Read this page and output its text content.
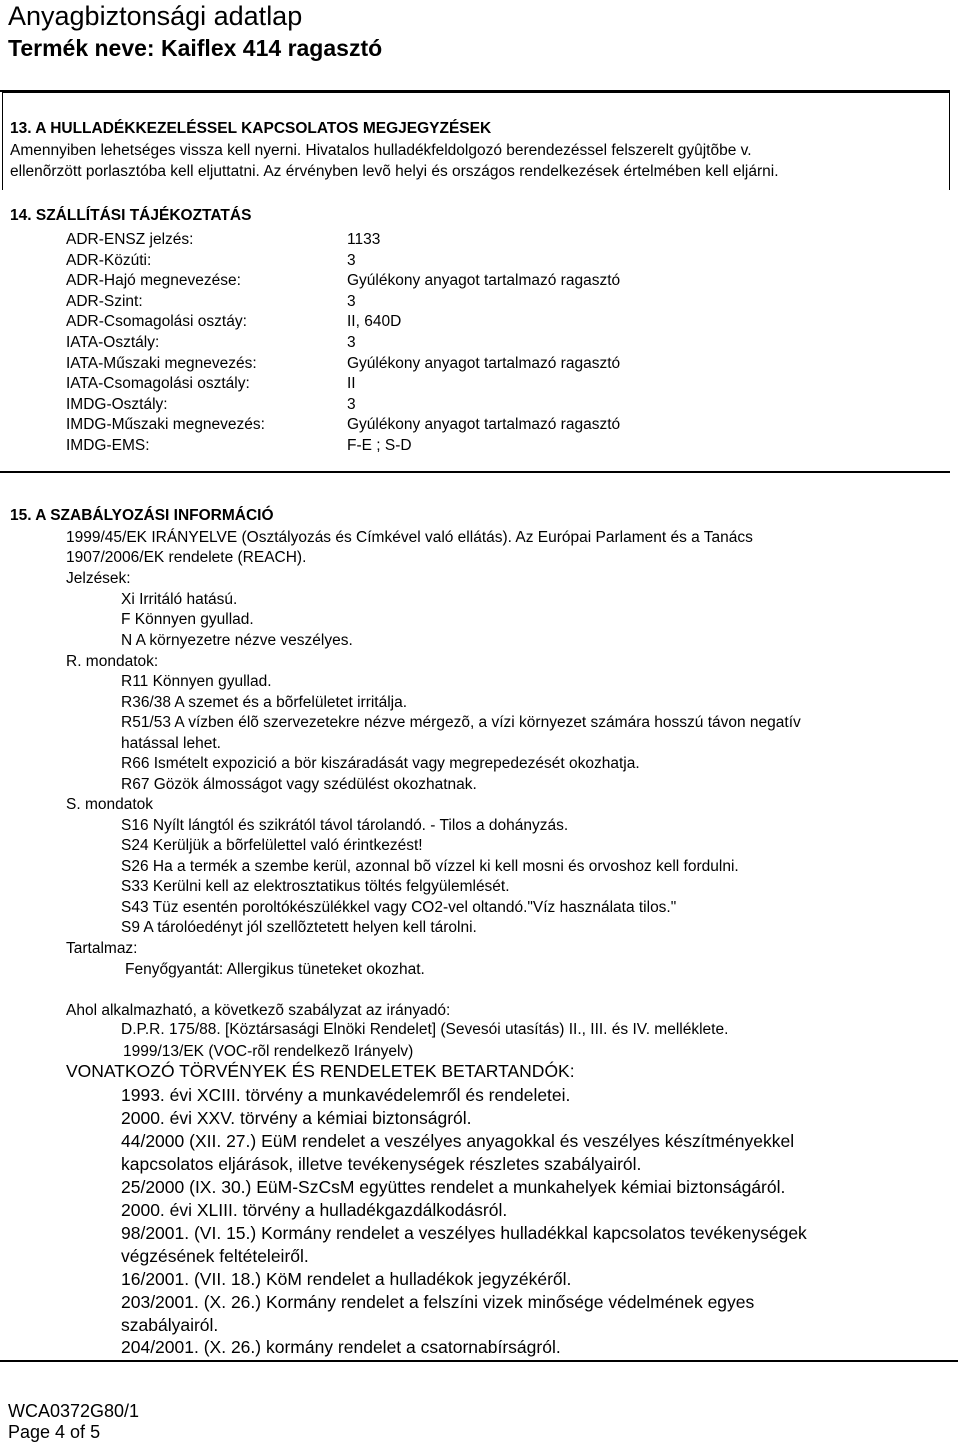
Anyagbiztonsági adatlap
Termék neve: Kaiflex 414 ragasztó
13. A HULLADÉKKEZELÉSSEL KAPCSOLATOS MEGJEGYZÉSEK
Amennyiben lehetséges vissza kell nyerni. Hivatalos hulladékfeldolgozó berendezéssel felszerelt gyûjtõbe v.
ellenõrzött porlasztóba kell eljuttatni. Az érvényben levõ helyi és országos rendelkezések értelmében kell eljárni.
14. SZÁLLÍTÁSI TÁJÉKOZTATÁS
ADR-ENSZ jelzés:	1133
ADR-Közúti:	3
ADR-Hajó megnevezése:	Gyúlékony anyagot tartalmazó ragasztó
ADR-Szint:	3
ADR-Csomagolási osztáy:	II, 640D
IATA-Osztály:	3
IATA-Műszaki megnevezés:	Gyúlékony anyagot tartalmazó ragasztó
IATA-Csomagolási osztály:	II
IMDG-Osztály:	3
IMDG-Műszaki megnevezés:	Gyúlékony anyagot tartalmazó ragasztó
IMDG-EMS:	F-E ; S-D
15. A SZABÁLYOZÁSI INFORMÁCIÓ
1999/45/EK IRÁNYELVE (Osztályozás és Címkével való ellátás). Az Európai Parlament és a Tanács
1907/2006/EK rendelete (REACH).
Jelzések:
Xi Irritáló hatású.
F Könnyen gyullad.
N A környezetre nézve veszélyes.
R. mondatok:
R11 Könnyen gyullad.
R36/38 A szemet és a bõrfelületet irritálja.
R51/53 A vízben élõ szervezetekre nézve mérgezõ, a vízi környezet számára hosszú távon negatív
hatással lehet.
R66 Ismételt expozició a bör kiszáradását vagy megrepedezését okozhatja.
R67 Gözök álmosságot vagy szédülést okozhatnak.
S. mondatok
S16 Nyílt lángtól és szikrától távol tárolandó. - Tilos a dohányzás.
S24 Kerüljük a bõrfelülettel való érintkezést!
S26 Ha a termék a szembe kerül, azonnal bõ vízzel ki kell mosni és orvoshoz kell fordulni.
S33 Kerülni kell az elektrosztatikus töltés felgyülemlését.
S43 Tüz esentén poroltókészülékkel vagy CO2-vel oltandó."Víz használata tilos."
S9 A tárolóedényt jól szellõztetett helyen kell tárolni.
Tartalmaz:
Fenyőgyantát: Allergikus tüneteket okozhat.
Ahol alkalmazható, a következõ szabályzat az irányadó:
D.P.R. 175/88. [Köztársasági Elnöki Rendelet] (Sevesói utasítás) II., III. és IV. melléklete.
1999/13/EK (VOC-rõl rendelkezõ Irányelv)
VONATKOZÓ TÖRVÉNYEK ÉS RENDELETEK BETARTANDÓK:
1993. évi XCIII. törvény a munkavédelemről és rendeletei.
2000. évi XXV. törvény a kémiai biztonságról.
44/2000 (XII. 27.) EüM rendelet a veszélyes anyagokkal és veszélyes készítményekkel
kapcsolatos eljárások, illetve tevékenységek részletes szabályairól.
25/2000 (IX. 30.) EüM-SzCsM együttes rendelet a munkahelyek kémiai biztonságáról.
2000. évi XLIII. törvény a hulladékgazdálkodásról.
98/2001. (VI. 15.) Kormány rendelet a veszélyes hulladékkal kapcsolatos tevékenységek
végzésének feltételeiről.
16/2001. (VII. 18.) KöM rendelet a hulladékok jegyzékéről.
203/2001. (X. 26.) Kormány rendelet a felszíni vizek minősége védelmének egyes
szabályairól.
204/2001. (X. 26.) kormány rendelet a csatornabírságról.
WCA0372G80/1
Page 4 of 5
